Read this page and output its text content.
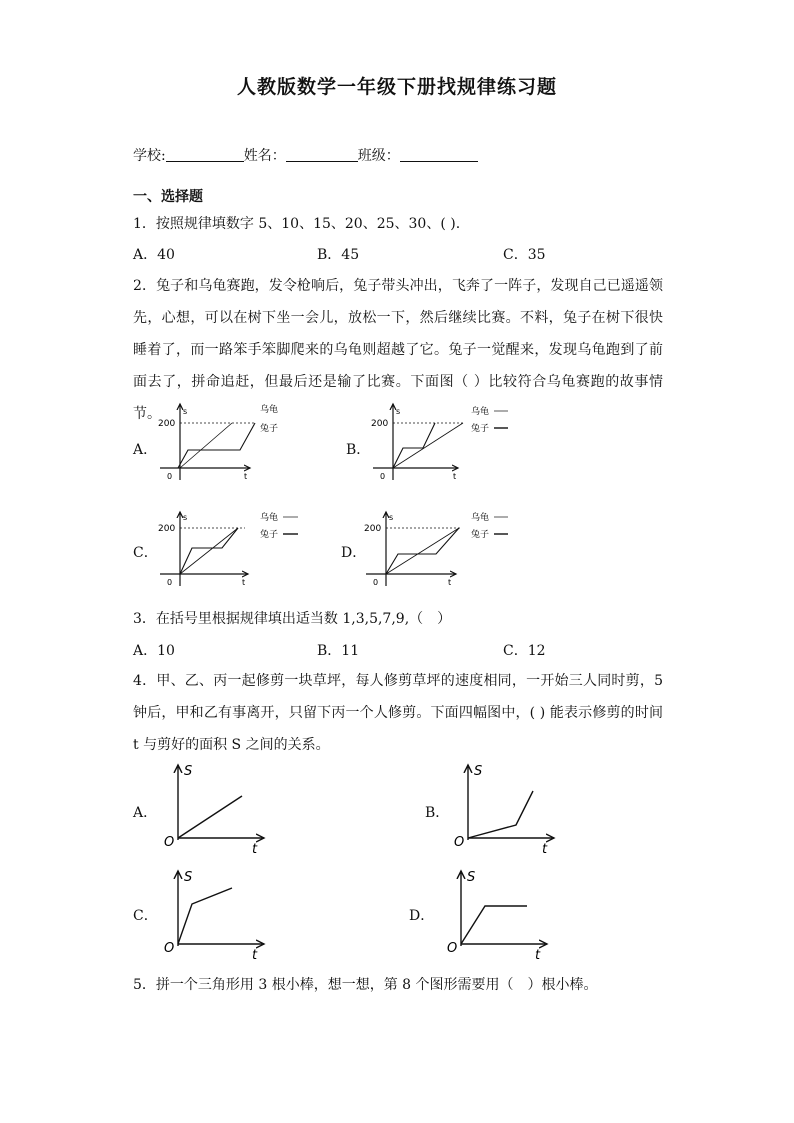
人教版数学一年级下册找规律练习题
学校:	姓名：	班级：
一、选择题
1．按照规律填数字 5、10、15、20、25、30、( ).
A．40	B．45	C．35
2．兔子和乌龟赛跑，发令枪响后，兔子带头冲出，飞奔了一阵子，发现自己已遥遥领先，心想，可以在树下坐一会儿，放松一下，然后继续比赛。不料，兔子在树下很快睡着了，而一路笨手笨脚爬来的乌龟则超越了它。兔子一觉醒来，发现乌龟跑到了前面去了，拼命追赶，但最后还是输了比赛。下面图（ ）比较符合乌龟赛跑的故事情节。
A．	B．
C．	D．
200
s
t
0
乌龟
兔子	200
s
t
0
乌龟
兔子
200
s
t
0
乌龟
兔子
200
s
t
0
乌龟
兔子
3．在括号里根据规律填出适当数 1,3,5,7,9,（　）
A．10	B．11	C．12
4．甲、乙、丙一起修剪一块草坪，每人修剪草坪的速度相同，一开始三人同时剪，5钟后，甲和乙有事离开，只留下丙一个人修剪。下面四幅图中，( ) 能表示修剪的时间 t 与剪好的面积 S 之间的关系。
A．	B．
C．	D．
S
t
O
S
t
O
S
t
O
S
t
O
5．拼一个三角形用 3 根小棒，想一想，第 8 个图形需要用（　）根小棒。
